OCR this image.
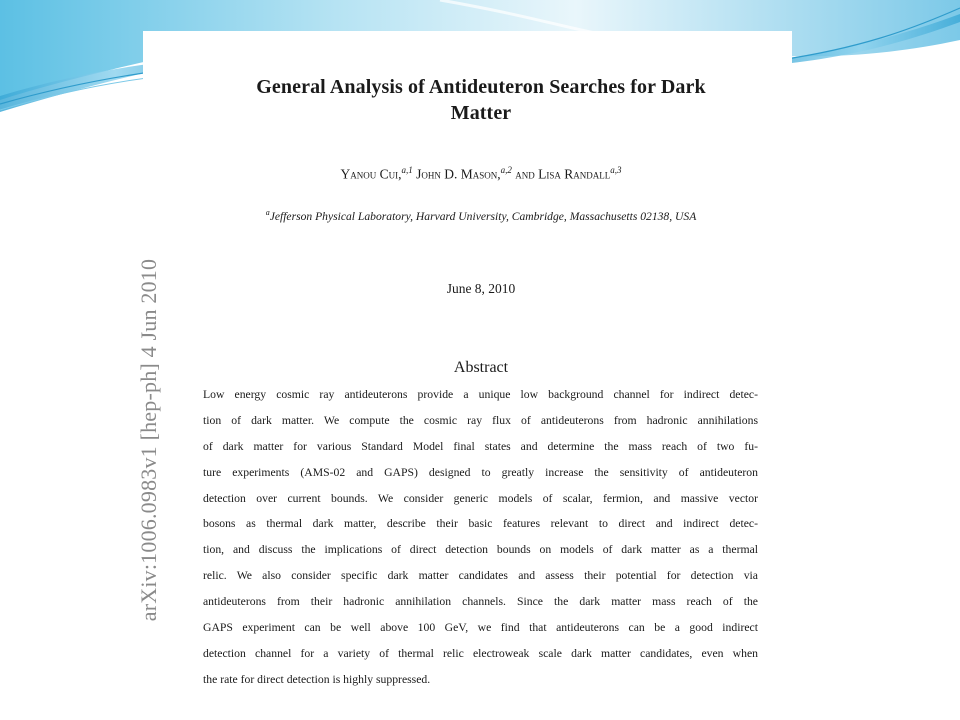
arXiv:1006.0983v1 [hep-ph] 4 Jun 2010
General Analysis of Antideuteron Searches for Dark
Matter
Yanou Cui,$^{a,1}$ John D. Mason,$^{a,2}$ and Lisa Randall$^{a,3}$
$^a$Jefferson Physical Laboratory, Harvard University, Cambridge, Massachusetts 02138, USA
June 8, 2010
Abstract
Low energy cosmic ray antideuterons provide a unique low background channel for indirect detec-
tion of dark matter. We compute the cosmic ray flux of antideuterons from hadronic annihilations
of dark matter for various Standard Model final states and determine the mass reach of two fu-
ture experiments (AMS-02 and GAPS) designed to greatly increase the sensitivity of antideuteron
detection over current bounds. We consider generic models of scalar, fermion, and massive vector
bosons as thermal dark matter, describe their basic features relevant to direct and indirect detec-
tion, and discuss the implications of direct detection bounds on models of dark matter as a thermal
relic. We also consider specific dark matter candidates and assess their potential for detection via
antideuterons from their hadronic annihilation channels. Since the dark matter mass reach of the
GAPS experiment can be well above 100 GeV, we find that antideuterons can be a good indirect
detection channel for a variety of thermal relic electroweak scale dark matter candidates, even when
the rate for direct detection is highly suppressed.
